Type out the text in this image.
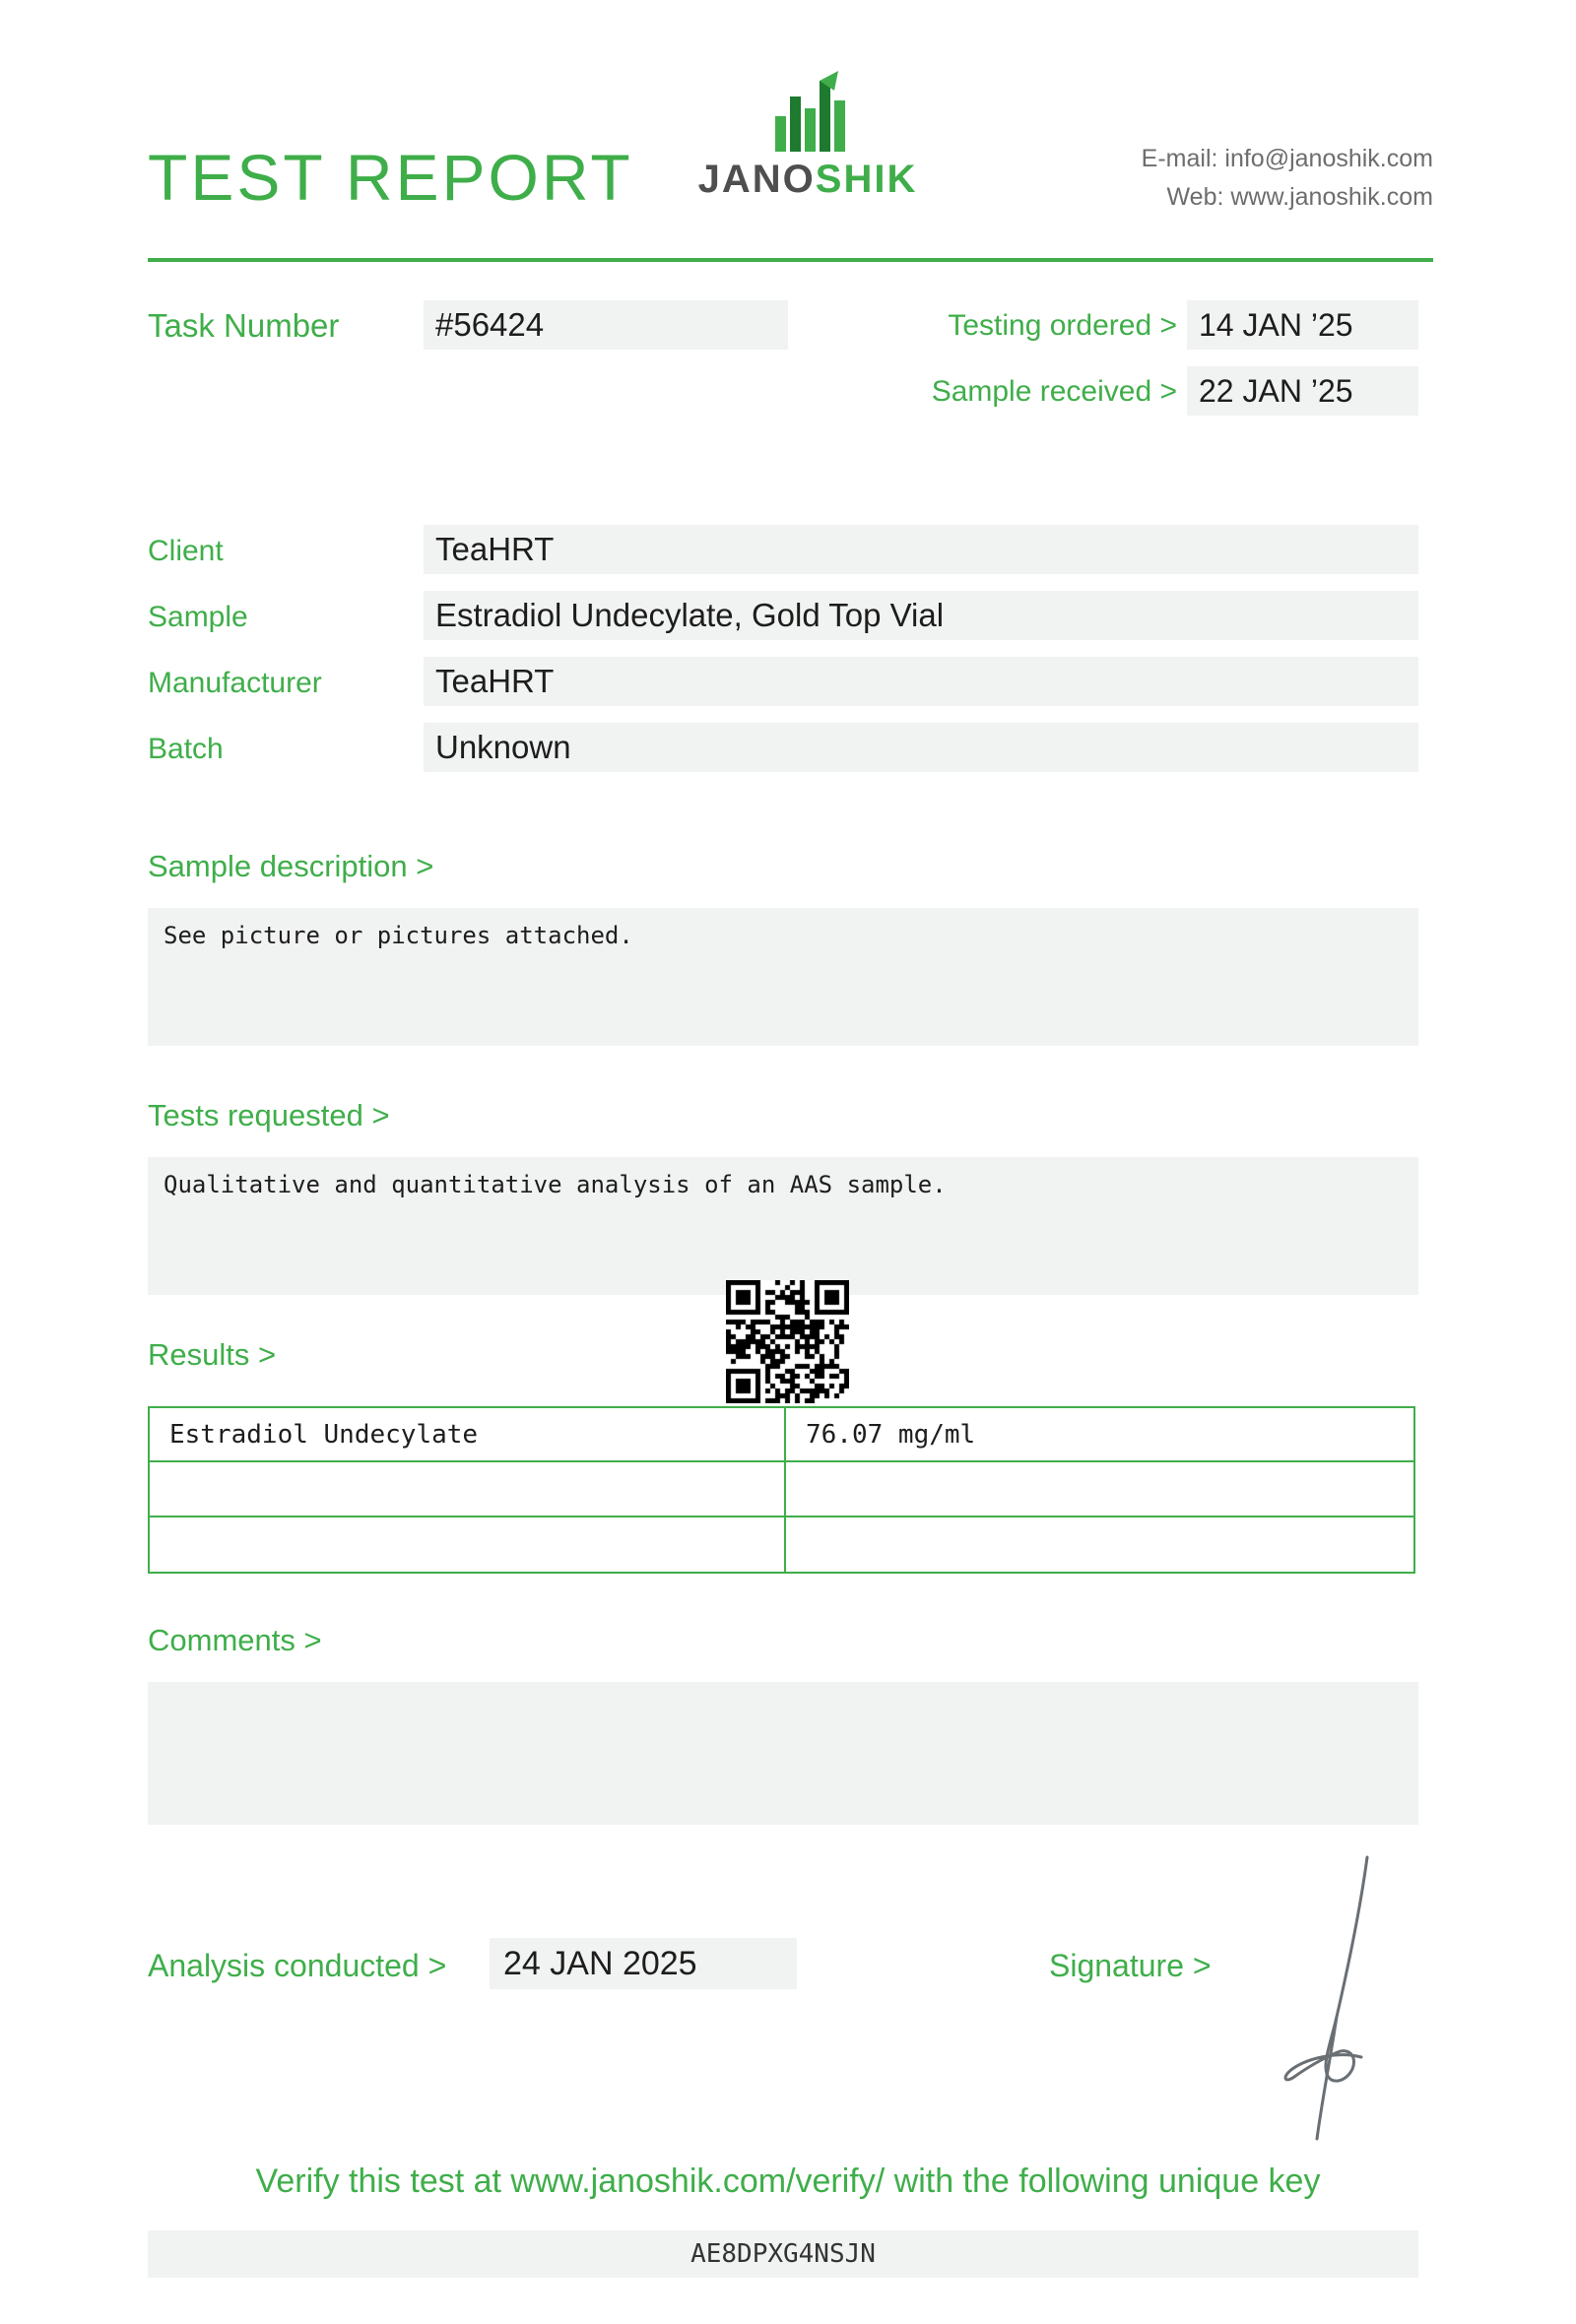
TEST REPORT	JANOSHIK	E-mail: info@janoshik.com
Web: www.janoshik.com
Task Number	#56424	Testing ordered > 14 JAN ’25
Sample received > 22 JAN ’25
Client	TeaHRT
Sample	Estradiol Undecylate, Gold Top Vial
Manufacturer	TeaHRT
Batch	Unknown
Sample description >
See picture or pictures attached.
Tests requested >
Qualitative and quantitative analysis of an AAS sample.
Results >
Estradiol Undecylate	76.07 mg/ml
Comments >
Analysis conducted >	24 JAN 2025	Signature >
Verify this test at www.janoshik.com/verify/ with the following unique key
AE8DPXG4NSJN
